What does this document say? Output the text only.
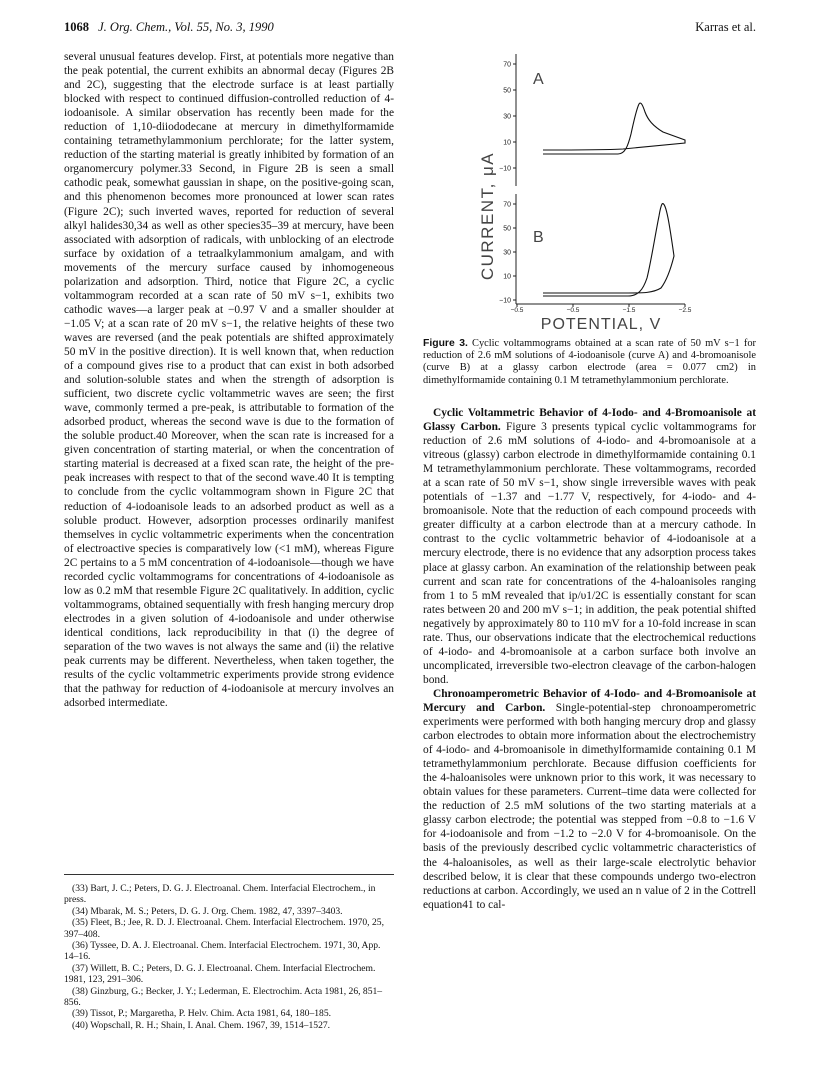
1068 J. Org. Chem., Vol. 55, No. 3, 1990	Karras et al.

several unusual features develop. First, at potentials more negative than the peak potential, the current exhibits an abnormal decay (Figures 2B and 2C), suggesting that the electrode surface is at least partially blocked with respect to continued diffusion-controlled reduction of 4-iodoanisole. A similar observation has recently been made for the reduction of 1,10-diiododecane at mercury in dimethylformamide containing tetramethylammonium perchlorate; for the latter system, reduction of the starting material is greatly inhibited by formation of an organomercury polymer.33 Second, in Figure 2B is seen a small cathodic peak, somewhat gaussian in shape, on the positive-going scan, and this phenomenon becomes more pronounced at lower scan rates (Figure 2C); such inverted waves, reported for reduction of several alkyl halides30,34 as well as other species35–39 at mercury, have been associated with adsorption of radicals, with unblocking of an electrode surface by oxidation of a tetraalkylammonium amalgam, and with movements of the mercury surface caused by inhomogeneous polarization and adsorption. Third, notice that Figure 2C, a cyclic voltammogram recorded at a scan rate of 50 mV s−1, exhibits two cathodic waves—a larger peak at −0.97 V and a smaller shoulder at −1.05 V; at a scan rate of 20 mV s−1, the relative heights of these two waves are reversed (and the peak potentials are shifted approximately 50 mV in the positive direction). It is well known that, when reduction of a compound gives rise to a product that can exist in both adsorbed and solution-soluble states and when the strength of adsorption is sufficient, two discrete cyclic voltammetric waves are seen; the first wave, commonly termed a pre-peak, is attributable to formation of the adsorbed product, whereas the second wave is due to the formation of the soluble product.40 Moreover, when the scan rate is increased for a given concentration of starting material, or when the concentration of starting material is decreased at a fixed scan rate, the height of the pre-peak increases with respect to that of the second wave.40 It is tempting to conclude from the cyclic voltammogram shown in Figure 2C that reduction of 4-iodoanisole leads to an adsorbed product as well as a soluble product. However, adsorption processes ordinarily manifest themselves in cyclic voltammetric experiments when the concentration of electroactive species is comparatively low (<1 mM), whereas Figure 2C pertains to a 5 mM concentration of 4-iodoanisole—though we have recorded cyclic voltammograms for concentrations of 4-iodoanisole as low as 0.2 mM that resemble Figure 2C qualitatively. In addition, cyclic voltammograms, obtained sequentially with fresh hanging mercury drop electrodes in a given solution of 4-iodoanisole and under otherwise identical conditions, lack reproducibility in that (i) the degree of separation of the two waves is not always the same and (ii) the relative peak currents may be different. Nevertheless, when taken together, the results of the cyclic voltammetric experiments provide strong evidence that the pathway for reduction of 4-iodoanisole at mercury involves an adsorbed intermediate.

(33) Bart, J. C.; Peters, D. G. J. Electroanal. Chem. Interfacial Electrochem., in press.

(34) Mbarak, M. S.; Peters, D. G. J. Org. Chem. 1982, 47, 3397–3403.

(35) Fleet, B.; Jee, R. D. J. Electroanal. Chem. Interfacial Electrochem. 1970, 25, 397–408.

(36) Tyssee, D. A. J. Electroanal. Chem. Interfacial Electrochem. 1971, 30, App. 14–16.

(37) Willett, B. C.; Peters, D. G. J. Electroanal. Chem. Interfacial Electrochem. 1981, 123, 291–306.

(38) Ginzburg, G.; Becker, J. Y.; Lederman, E. Electrochim. Acta 1981, 26, 851–856.

(39) Tissot, P.; Margaretha, P. Helv. Chim. Acta 1981, 64, 180–185.

(40) Wopschall, R. H.; Shain, I. Anal. Chem. 1967, 39, 1514–1527.

70
50
30
10
−10
A
70
50
30
10
−10
B
−0.5	−0.5	−1.5	−2.5
CURRENT, μA
POTENTIAL, V
Figure 3. Cyclic voltammograms obtained at a scan rate of 50 mV s−1 for reduction of 2.6 mM solutions of 4-iodoanisole (curve A) and 4-bromoanisole (curve B) at a glassy carbon electrode (area = 0.077 cm2) in dimethylformamide containing 0.1 M tetramethylammonium perchlorate.

Cyclic Voltammetric Behavior of 4-Iodo- and 4-Bromoanisole at Glassy Carbon. Figure 3 presents typical cyclic voltammograms for reduction of 2.6 mM solutions of 4-iodo- and 4-bromoanisole at a vitreous (glassy) carbon electrode in dimethylformamide containing 0.1 M tetramethylammonium perchlorate. These voltammograms, recorded at a scan rate of 50 mV s−1, show single irreversible waves with peak potentials of −1.37 and −1.77 V, respectively, for 4-iodo- and 4-bromoanisole. Note that the reduction of each compound proceeds with greater difficulty at a carbon electrode than at a mercury cathode. In contrast to the cyclic voltammetric behavior of 4-iodoanisole at a mercury electrode, there is no evidence that any adsorption process takes place at glassy carbon. An examination of the relationship between peak current and scan rate for concentrations of the 4-haloanisoles ranging from 1 to 5 mM revealed that ip/υ1/2C is essentially constant for scan rates between 20 and 200 mV s−1; in addition, the peak potential shifted negatively by approximately 80 to 110 mV for a 10-fold increase in scan rate. Thus, our observations indicate that the electrochemical reductions of 4-iodo- and 4-bromoanisole at a carbon surface both involve an uncomplicated, irreversible two-electron cleavage of the carbon-halogen bond.

Chronoamperometric Behavior of 4-Iodo- and 4-Bromoanisole at Mercury and Carbon. Single-potential-step chronoamperometric experiments were performed with both hanging mercury drop and glassy carbon electrodes to obtain more information about the electrochemistry of 4-iodo- and 4-bromoanisole in dimethylformamide containing 0.1 M tetramethylammonium perchlorate. Because diffusion coefficients for the 4-haloanisoles were unknown prior to this work, it was necessary to obtain values for these parameters. Current–time data were collected for the reduction of 2.5 mM solutions of the two starting materials at a glassy carbon electrode; the potential was stepped from −0.8 to −1.6 V for 4-iodoanisole and from −1.2 to −2.0 V for 4-bromoanisole. On the basis of the previously described cyclic voltammetric characteristics of the 4-haloanisoles, as well as their large-scale electrolytic behavior described below, it is clear that these compounds undergo two-electron reductions at carbon. Accordingly, we used an n value of 2 in the Cottrell equation41 to cal-
